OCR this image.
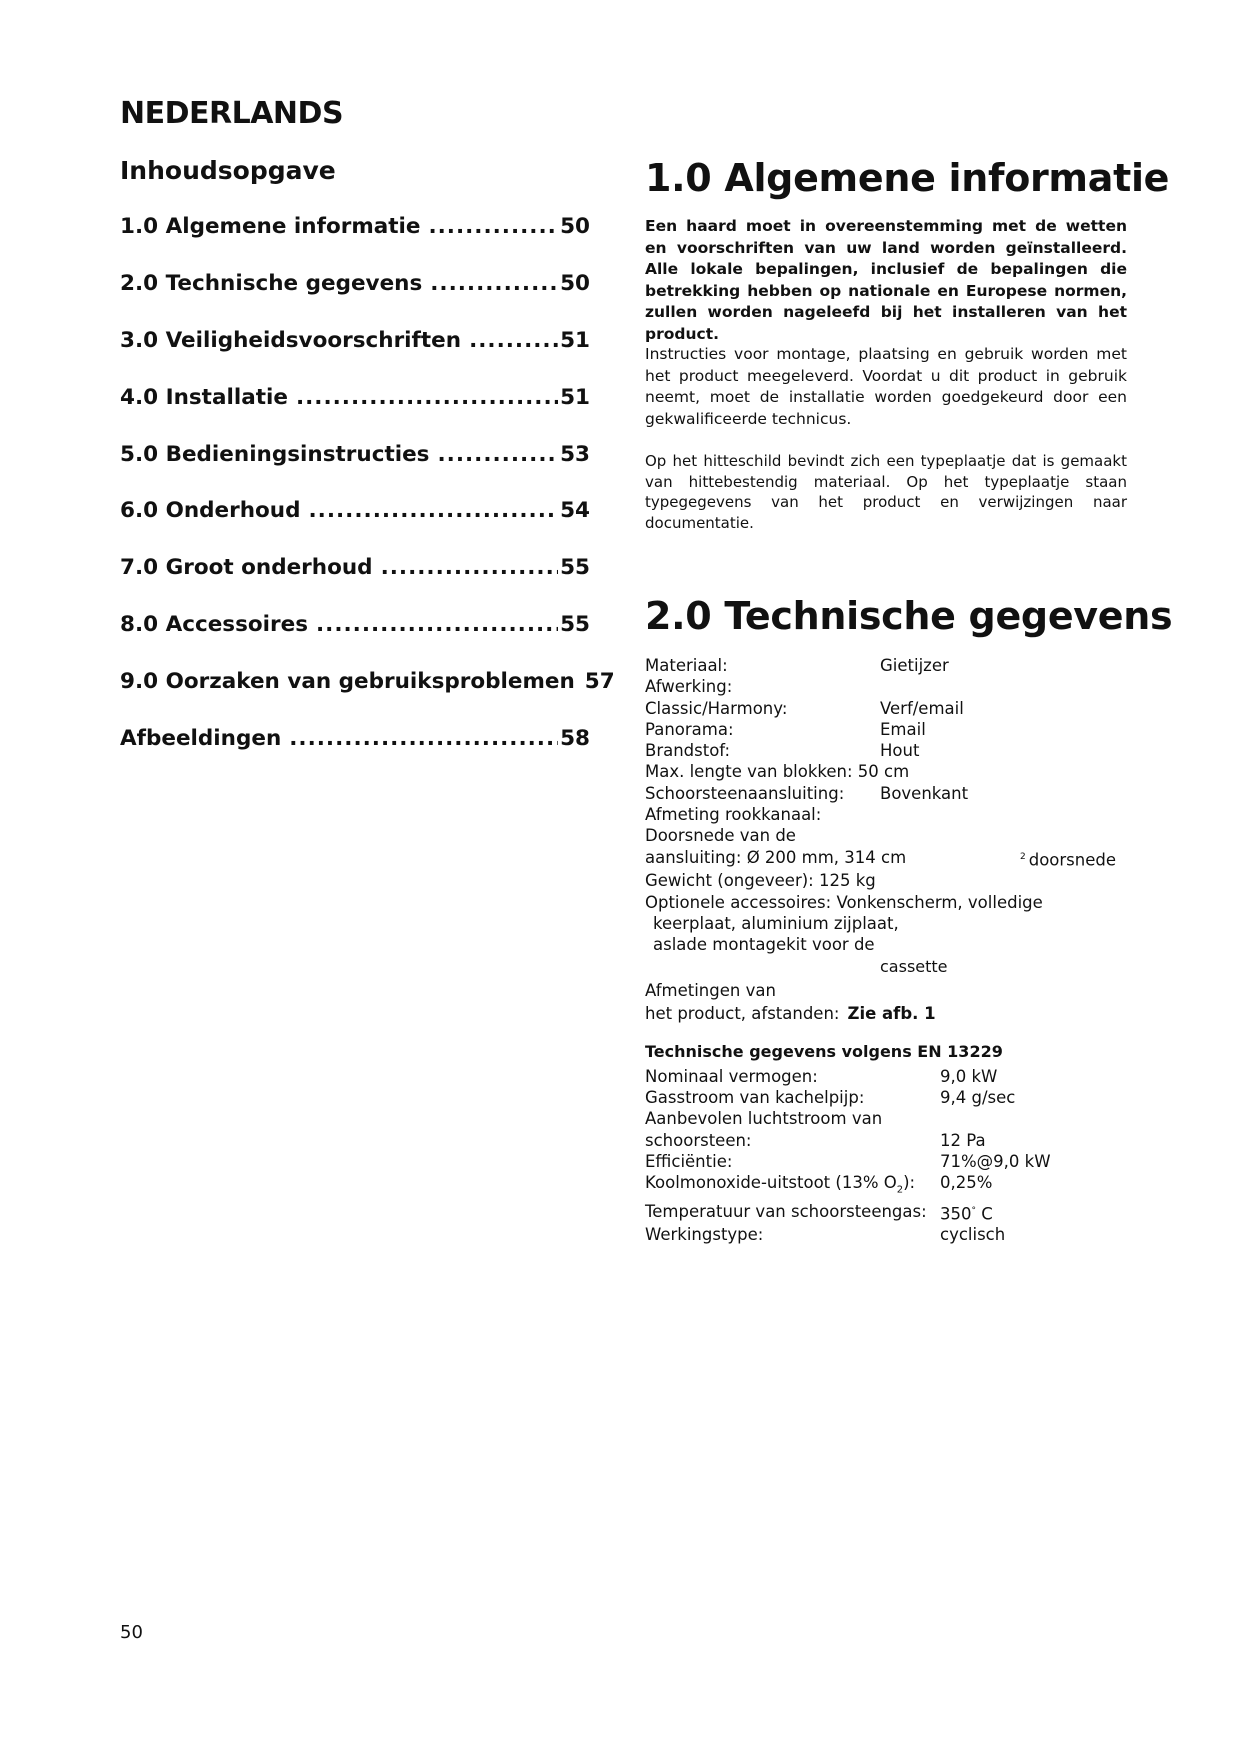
NEDERLANDS
Inhoudsopgave
1.0 Algemene informatie .....	50
2.0 Technische gegevens .....	50
3.0 Veiligheidsvoorschriften .....	51
4.0 Installatie .....	51
5.0 Bedieningsinstructies .....	53
6.0 Onderhoud .....	54
7.0 Groot onderhoud .....	55
8.0 Accessoires .....	55
9.0 Oorzaken van gebruiksproblemen 57
Afbeeldingen .....	58
1.0 Algemene informatie

Een haard moet in overeenstemming met de wetten en voorschriften van uw land worden geïnstalleerd. Alle lokale bepalingen, inclusief de bepalingen die betrekking hebben op nationale en Europese normen, zullen worden nageleefd bij het installeren van het product.

Instructies voor montage, plaatsing en gebruik worden met het product meegeleverd. Voordat u dit product in gebruik neemt, moet de installatie worden goedgekeurd door een gekwalificeerde technicus.

Op het hitteschild bevindt zich een typeplaatje dat is gemaakt van hittebestendig materiaal. Op het typeplaatje staan typegegevens van het product en verwijzingen naar documentatie.

2.0 Technische gegevens
Materiaal:	Gietijzer
Afwerking:
Classic/Harmony:	Verf/email
Panorama:	Email
Brandstof:	Hout
Max. lengte van blokken: 50 cm
Schoorsteenaansluiting:	Bovenkant
Afmeting rookkanaal:
Doorsnede van de
aansluiting: Ø 200 mm, 314 cm	$^2$ doorsnede
Gewicht (ongeveer): 125 kg
Optionele accessoires: Vonkenscherm, volledige
keerplaat, aluminium zijplaat,
aslade montagekit voor de
cassette
Afmetingen van
het product, afstanden: Zie afb. 1
Technische gegevens volgens EN 13229
Nominaal vermogen:	9,0 kW
Gasstroom van kachelpijp:	9,4 g/sec
Aanbevolen luchtstroom van
schoorsteen:	12 Pa
Efficiëntie:	71%@9,0 kW
Koolmonoxide-uitstoot (13% $O_2$):	0,25%
Temperatuur van schoorsteengas: 350° C
Werkingstype:	cyclisch
50
